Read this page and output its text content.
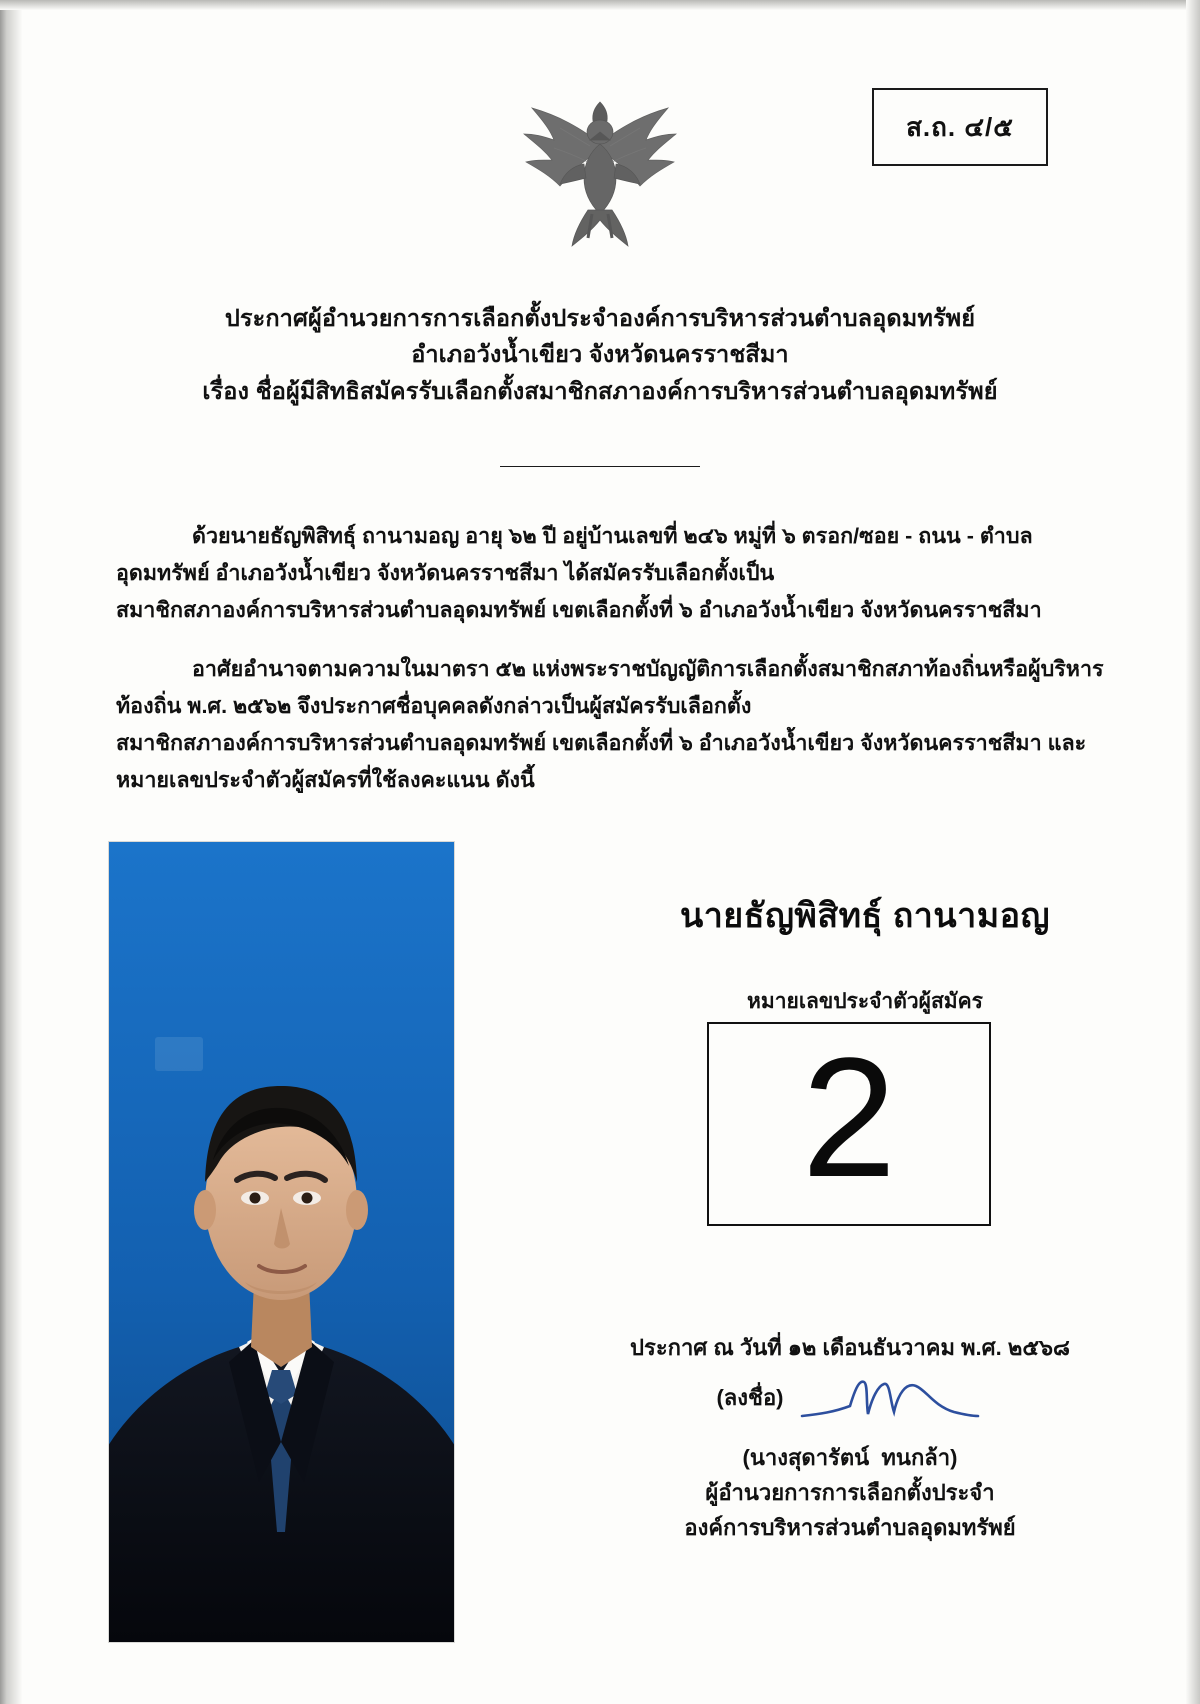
ส.ถ. ๔/๕
ประกาศผู้อำนวยการการเลือกตั้งประจำองค์การบริหารส่วนตำบลอุดมทรัพย์
อำเภอวังน้ำเขียว จังหวัดนครราชสีมา
เรื่อง ชื่อผู้มีสิทธิสมัครรับเลือกตั้งสมาชิกสภาองค์การบริหารส่วนตำบลอุดมทรัพย์
ด้วยนายธัญพิสิทธุ์ ถานามอญ อายุ ๖๒ ปี อยู่บ้านเลขที่ ๒๔๖ หมู่ที่ ๖ ตรอก/ซอย - ถนน - ตำบล
อุดมทรัพย์ อำเภอวังน้ำเขียว จังหวัดนครราชสีมา ได้สมัครรับเลือกตั้งเป็น
สมาชิกสภาองค์การบริหารส่วนตำบลอุดมทรัพย์ เขตเลือกตั้งที่ ๖ อำเภอวังน้ำเขียว จังหวัดนครราชสีมา
อาศัยอำนาจตามความในมาตรา ๕๒ แห่งพระราชบัญญัติการเลือกตั้งสมาชิกสภาท้องถิ่นหรือผู้บริหาร
ท้องถิ่น พ.ศ. ๒๕๖๒ จึงประกาศชื่อบุคคลดังกล่าวเป็นผู้สมัครรับเลือกตั้ง
สมาชิกสภาองค์การบริหารส่วนตำบลอุดมทรัพย์ เขตเลือกตั้งที่ ๖ อำเภอวังน้ำเขียว จังหวัดนครราชสีมา และ
หมายเลขประจำตัวผู้สมัครที่ใช้ลงคะแนน ดังนี้
นายธัญพิสิทธุ์ ถานามอญ
หมายเลขประจำตัวผู้สมัคร
2
ประกาศ ณ วันที่ ๑๒ เดือนธันวาคม พ.ศ. ๒๕๖๘
(ลงชื่อ)
(นางสุดารัตน์  ทนกล้า)
ผู้อำนวยการการเลือกตั้งประจำ
องค์การบริหารส่วนตำบลอุดมทรัพย์
